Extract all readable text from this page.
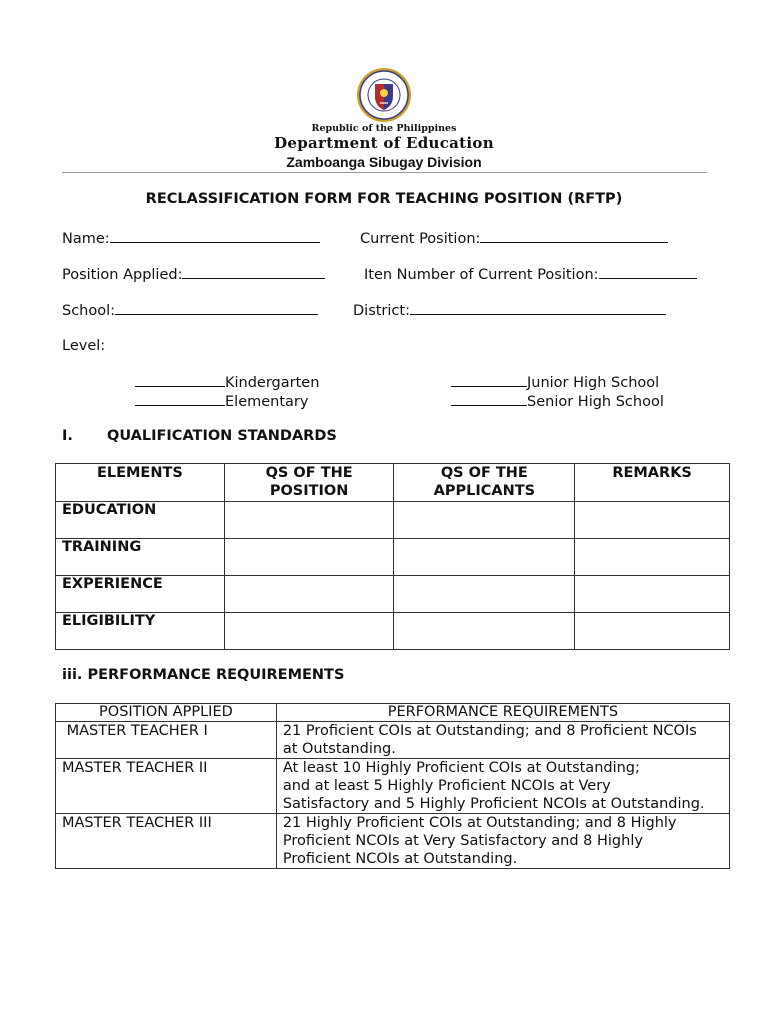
Republic of the Philippines
Department of Education
Zamboanga Sibugay Division
RECLASSIFICATION FORM FOR TEACHING POSITION (RFTP)
Name:	Current Position:
Position Applied:	Iten Number of Current Position:
School:	District:
Level:
Kindergarten
Elementary
Junior High School
Senior High School
I. QUALIFICATION STANDARDS
ELEMENTS	QS OF THE POSITION	QS OF THE APPLICANTS	REMARKS
EDUCATION			
TRAINING			
EXPERIENCE			
ELIGIBILITY			
iii. PERFORMANCE REQUIREMENTS
POSITION APPLIED	PERFORMANCE REQUIREMENTS
MASTER TEACHER I	21 Proficient COIs at Outstanding; and 8 Proficient NCOIs
at Outstanding.

MASTER TEACHER II	At least 10 Highly Proficient COIs at Outstanding;
and at least 5 Highly Proficient NCOIs at Very
Satisfactory and 5 Highly Proficient NCOIs at Outstanding.

MASTER TEACHER III	21 Highly Proficient COIs at Outstanding; and 8 Highly
Proficient NCOIs at Very Satisfactory and 8 Highly
Proficient NCOIs at Outstanding.
